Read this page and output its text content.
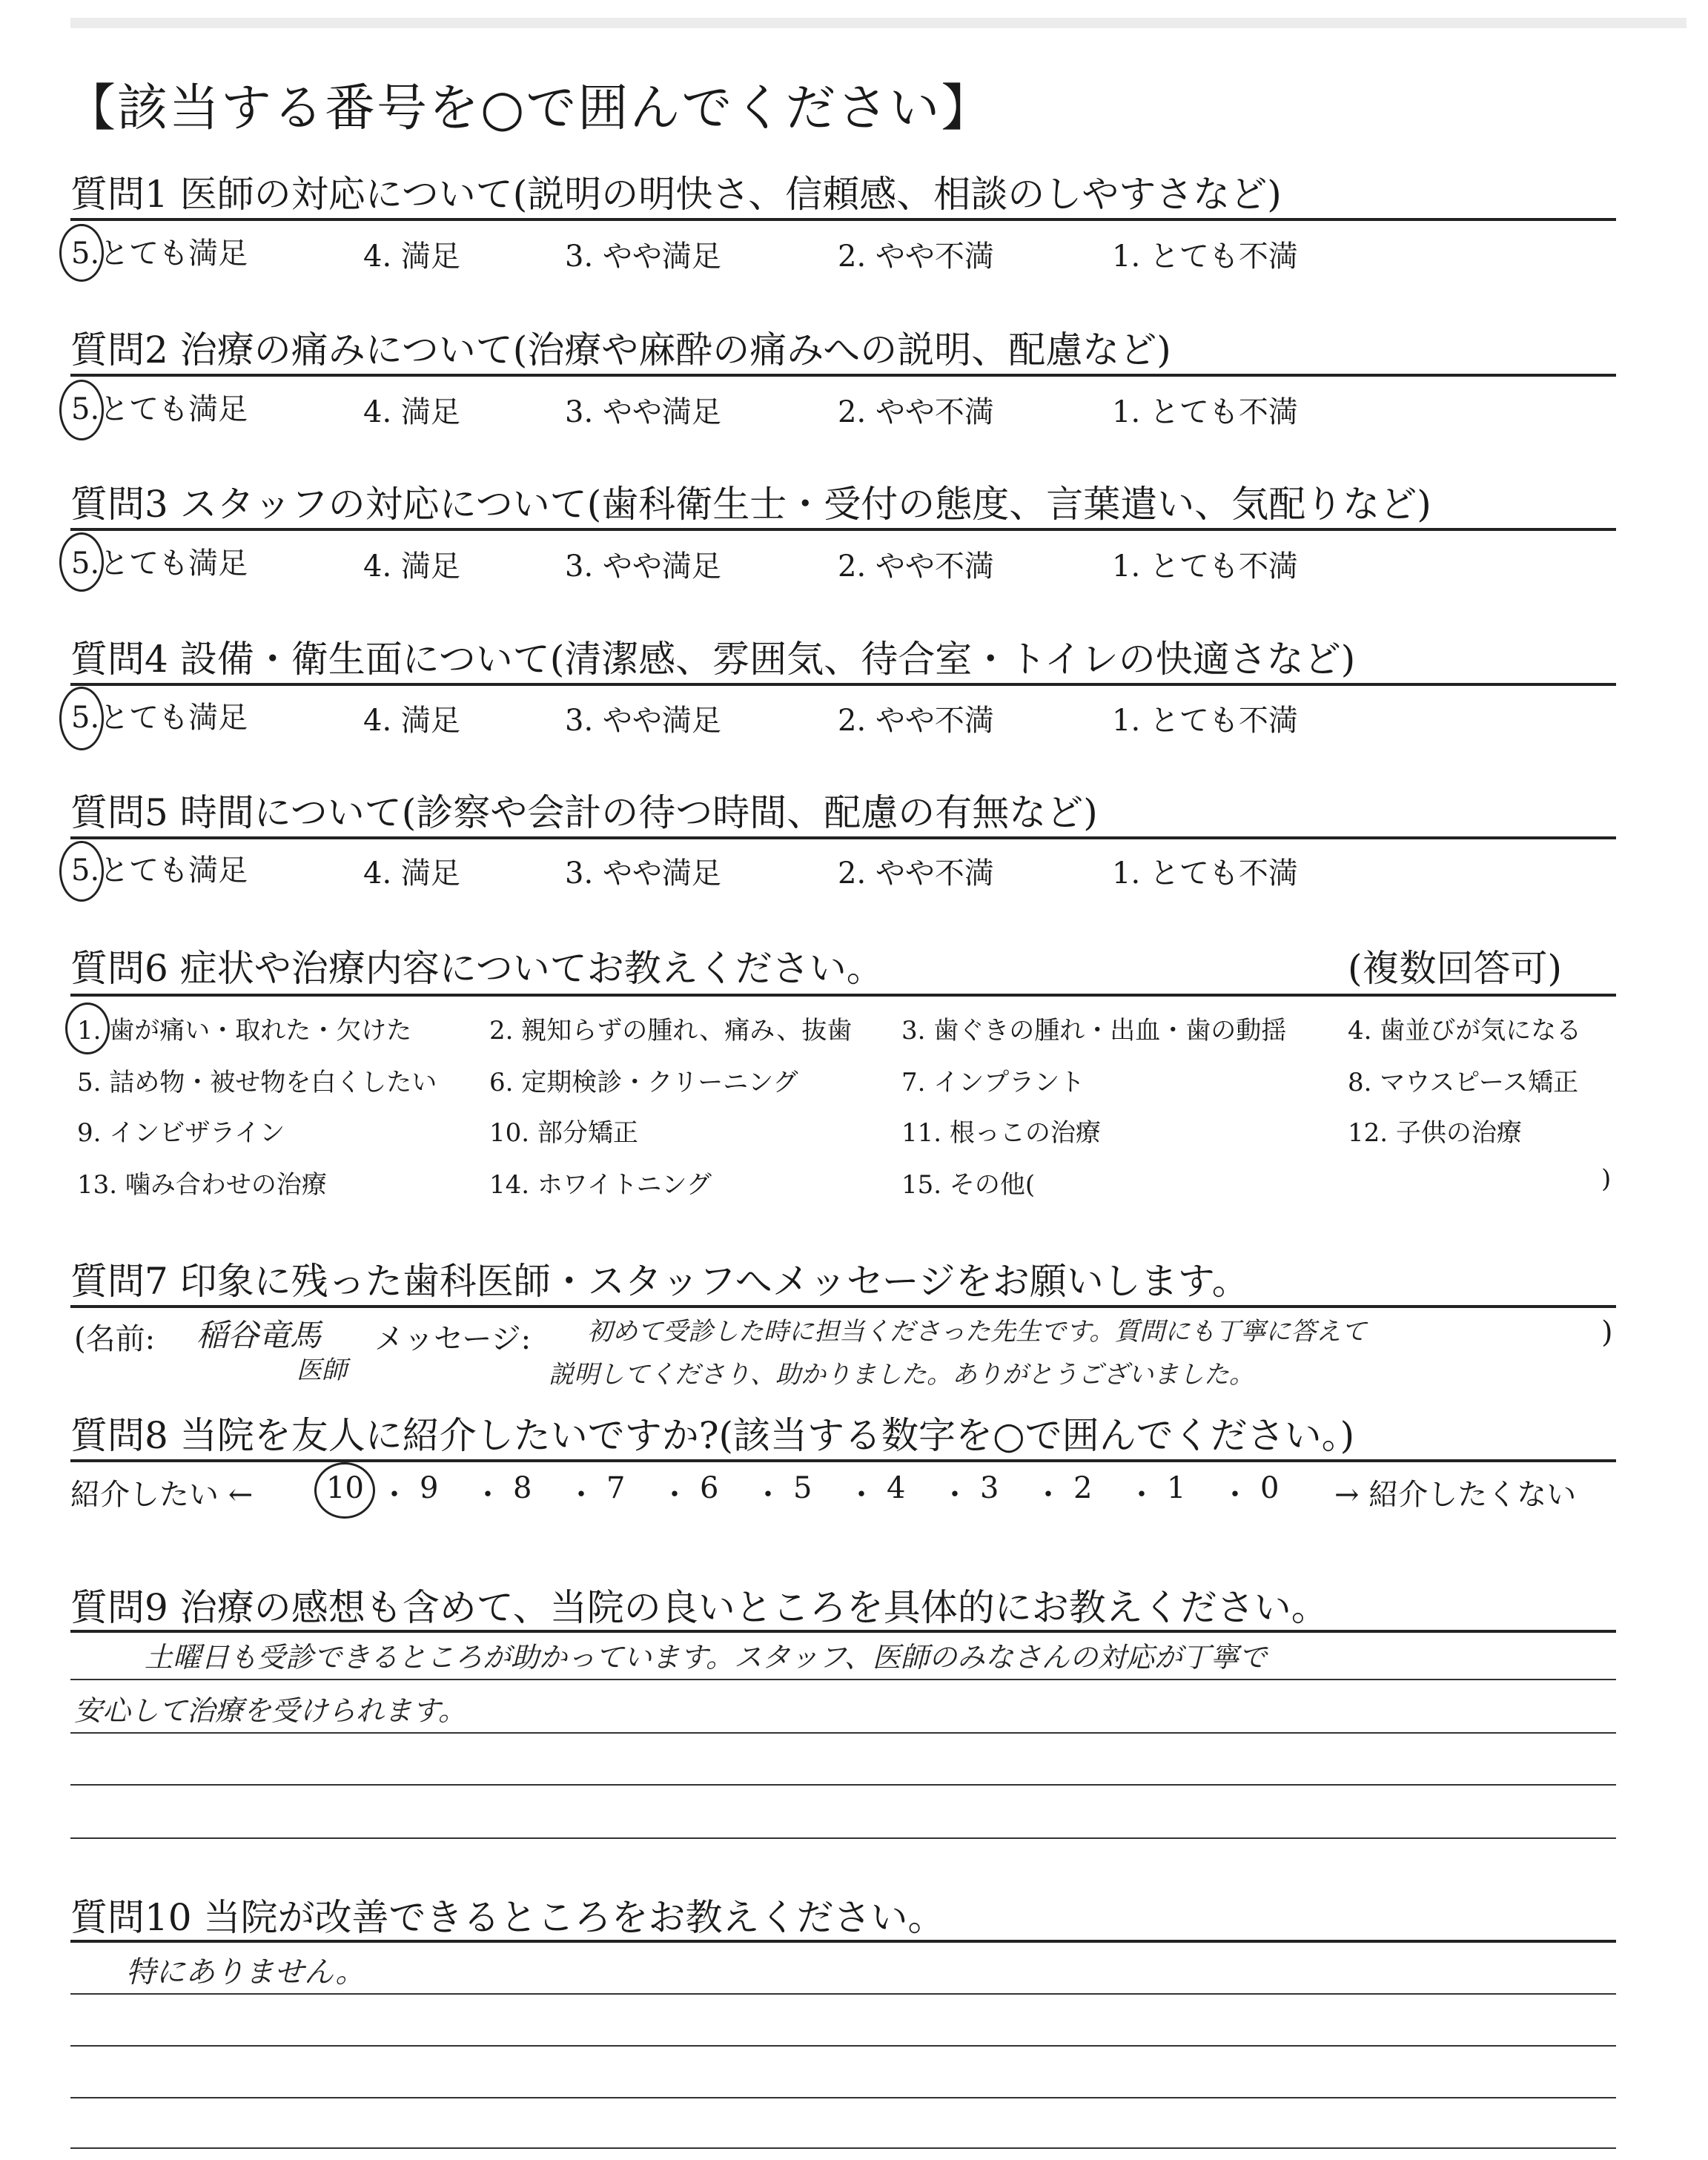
【該当する番号を○で囲んでください】
質問1 医師の対応について(説明の明快さ、信頼感、相談のしやすさなど)
5.とても満足	4. 満足	3. やや満足	2. やや不満	1. とても不満
質問2 治療の痛みについて(治療や麻酔の痛みへの説明、配慮など)
5.とても満足	4. 満足	3. やや満足	2. やや不満	1. とても不満
質問3 スタッフの対応について(歯科衛生士・受付の態度、言葉遣い、気配りなど)
5.とても満足	4. 満足	3. やや満足	2. やや不満	1. とても不満
質問4 設備・衛生面について(清潔感、雰囲気、待合室・トイレの快適さなど)
5.とても満足	4. 満足	3. やや満足	2. やや不満	1. とても不満
質問5 時間について(診察や会計の待つ時間、配慮の有無など)
5.とても満足	4. 満足	3. やや満足	2. やや不満	1. とても不満
質問6 症状や治療内容についてお教えください。	(複数回答可)
1. 歯が痛い・取れた・欠けた	2. 親知らずの腫れ、痛み、抜歯 3. 歯ぐきの腫れ・出血・歯の動揺 4. 歯並びが気になる
5. 詰め物・被せ物を白くしたい 6. 定期検診・クリーニング	7. インプラント	8. マウスピース矯正
9. インビザライン	10. 部分矯正	11. 根っこの治療	12. 子供の治療
13. 噛み合わせの治療	14. ホワイトニング	15. その他(	)
質問7 印象に残った歯科医師・スタッフへメッセージをお願いします。
(名前: 稲谷竜馬
医師
メッセージ: 初めて受診した時に担当くださった先生です。質問にも丁寧に答えて
説明してくださり、助かりました。ありがとうございました。
)
質問8 当院を友人に紹介したいですか?(該当する数字を○で囲んでください。)
紹介したい ← 10 ・ 9 ・ 8 ・ 7 ・ 6 ・ 5 ・ 4 ・ 3 ・ 2 ・ 1 ・ 0 → 紹介したくない
質問9 治療の感想も含めて、当院の良いところを具体的にお教えください。
土曜日も受診できるところが助かっています。スタッフ、医師のみなさんの対応が丁寧で
安心して治療を受けられます。
質問10 当院が改善できるところをお教えください。
特にありません。
